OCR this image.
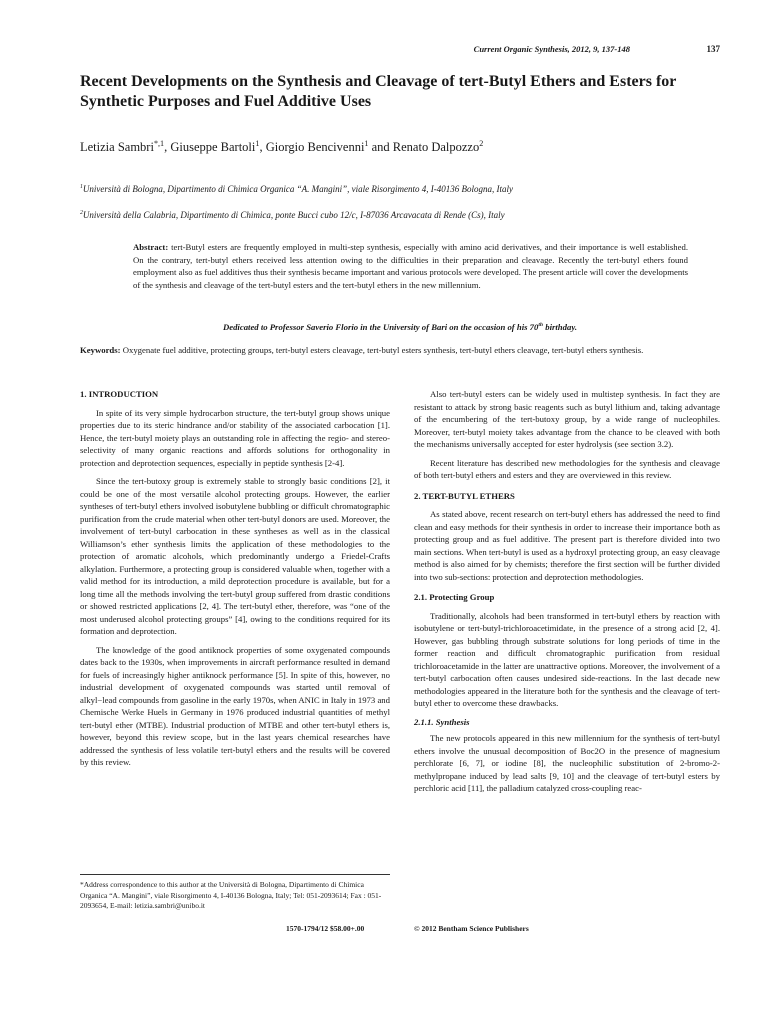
Current Organic Synthesis, 2012, 9, 137-148	137
Recent Developments on the Synthesis and Cleavage of tert-Butyl Ethers and Esters for Synthetic Purposes and Fuel Additive Uses
Letizia Sambri$^{*,1}$, Giuseppe Bartoli$^1$, Giorgio Bencivenni$^1$ and Renato Dalpozzo$^2$
$^1$Università di Bologna, Dipartimento di Chimica Organica “A. Mangini”, viale Risorgimento 4, I-40136 Bologna, Italy
$^2$Università della Calabria, Dipartimento di Chimica, ponte Bucci cubo 12/c, I-87036 Arcavacata di Rende (Cs), Italy
Abstract: tert-Butyl esters are frequently employed in multi-step synthesis, especially with amino acid derivatives, and their importance is well established. On the contrary, tert-butyl ethers received less attention owing to the difficulties in their preparation and cleavage. Recently the tert-butyl ethers found employment also as fuel additives thus their synthesis became important and various protocols were developed. The present article will cover the developments of the synthesis and cleavage of the tert-butyl esters and the tert-butyl ethers in the new millennium.
Dedicated to Professor Saverio Florio in the University of Bari on the occasion of his 70th birthday.
Keywords: Oxygenate fuel additive, protecting groups, tert-butyl esters cleavage, tert-butyl esters synthesis, tert-butyl ethers cleavage, tert-butyl ethers synthesis.
1. INTRODUCTION

In spite of its very simple hydrocarbon structure, the tert-butyl group shows unique properties due to its steric hindrance and/or stability of the associated carbocation [1]. Hence, the tert-butyl moiety plays an outstanding role in affecting the regio- and stereo-selectivity of many organic reactions and affords solutions for orthogonality in protection and deprotection sequences, especially in peptide synthesis [2-4].

Since the tert-butoxy group is extremely stable to strongly basic conditions [2], it could be one of the most versatile alcohol protecting groups. However, the earlier syntheses of tert-butyl ethers involved isobutylene bubbling or difficult chromatographic purification from the crude material when other tert-butyl donors are used. Moreover, the involvement of tert-butyl carbocation in these syntheses as well as in the classical Williamson’s ether synthesis limits the application of these methodologies to the protection of aromatic alcohols, which predominantly undergo a Friedel-Crafts alkylation. Furthermore, a protecting group is considered valuable when, together with a valid method for its introduction, a mild deprotection procedure is available, but for a long time all the methods involving the tert-butyl group suffered from drastic conditions or showed restricted applications [2, 4]. The tert-butyl ether, therefore, was “one of the most underused alcohol protecting groups” [4], owing to the conditions required for its formation and deprotection.

The knowledge of the good antiknock properties of some oxygenated compounds dates back to the 1930s, when improvements in aircraft performance resulted in demand for fuels of increasingly higher antiknock performance [5]. In spite of this, however, no industrial development of oxygenated compounds was started until removal of alkyl−lead compounds from gasoline in the early 1970s, when ANIC in Italy in 1973 and Chemische Werke Huels in Germany in 1976 produced industrial quantities of methyl tert-butyl ether (MTBE). Industrial production of MTBE and other tert-butyl ethers is, however, beyond this review scope, but in the last years chemical researches have addressed the synthesis of less volatile tert-butyl ethers and the results will be covered by this review.

Also tert-butyl esters can be widely used in multistep synthesis. In fact they are resistant to attack by strong basic reagents such as butyl lithium and, taking advantage of the encumbering of the tert-butoxy group, by a wide range of nucleophiles. Moreover, tert-butyl moiety takes advantage from the chance to be cleaved with both the mechanisms universally accepted for ester hydrolysis (see section 3.2).

Recent literature has described new methodologies for the synthesis and cleavage of both tert-butyl ethers and esters and they are overviewed in this review.

2. TERT-BUTYL ETHERS

As stated above, recent research on tert-butyl ethers has addressed the need to find clean and easy methods for their synthesis in order to increase their importance both as protecting group and as fuel additive. The present part is therefore divided into two main sections. When tert-butyl is used as a hydroxyl protecting group, an easy cleavage method is also aimed for by chemists; therefore the first section will be further divided into two sub-sections: protection and deprotection methodologies.

2.1. Protecting Group

Traditionally, alcohols had been transformed in tert-butyl ethers by reaction with isobutylene or tert-butyl-trichloroacetimidate, in the presence of a strong acid [2, 4]. However, gas bubbling through substrate solutions for long periods of time in the former reaction and difficult chromatographic purification from residual trichloroacetamide in the latter are unattractive options. Moreover, the involvement of a tert-butyl carbocation often causes undesired side-reactions. In the last decade new methodologies appeared in the literature both for the synthesis and the cleavage of tert-butyl ether to overcome these drawbacks.

2.1.1. Synthesis

The new protocols appeared in this new millennium for the synthesis of tert-butyl ethers involve the unusual decomposition of Boc2O in the presence of magnesium perchlorate [6, 7], or iodine [8], the nucleophilic substitution of 2-bromo-2-methylpropane induced by lead salts [9, 10] and the cleavage of tert-butyl esters by perchloric acid [11], the palladium catalyzed cross-coupling reac-

*Address correspondence to this author at the Università di Bologna, Dipartimento di Chimica Organica “A. Mangini”, viale Risorgimento 4, I-40136 Bologna, Italy; Tel: 051-2093614; Fax : 051-2093654, E-mail: letizia.sambri@unibo.it
1570-1794/12 $58.00+.00	© 2012 Bentham Science Publishers
